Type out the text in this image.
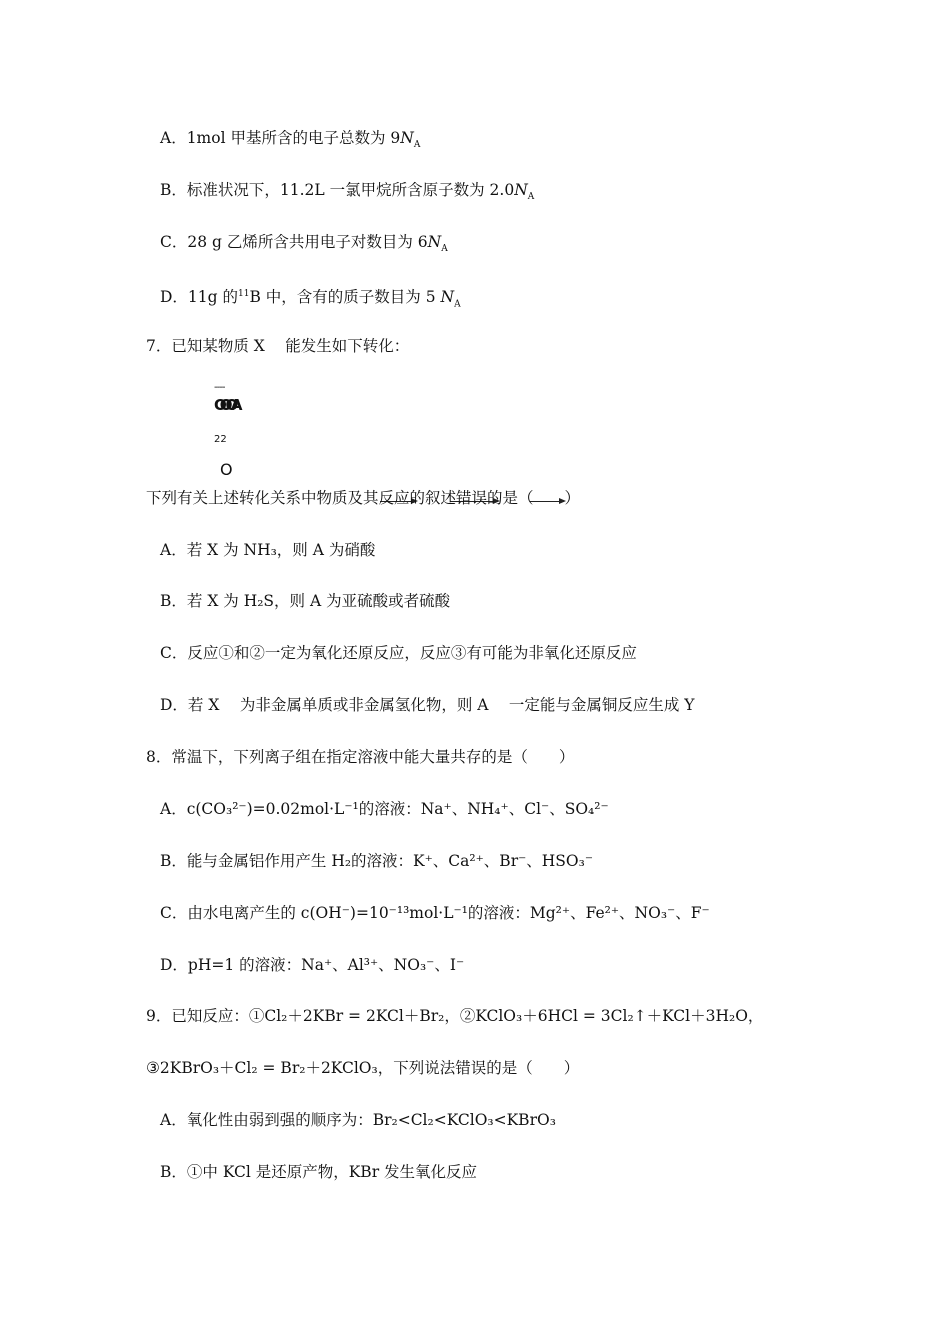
A．1mol 甲基所含的电子总数为 $9N_A$
B．标准状况下，11.2L 一氯甲烷所含原子数为 $2.0N_A$
C．28 g 乙烯所含共用电子对数目为 $6N_A$
D．11g 的$^{11}$B 中，含有的质子数目为 5 $N_A$
7．已知某物质 X　 能发生如下转化：
----
OOOA
22
O
下列有关上述转化关系中物质及其反应的叙述错误的是（　　）
A．若 X 为 NH₃，则 A 为硝酸
B．若 X 为 H₂S，则 A 为亚硫酸或者硫酸
C．反应①和②一定为氧化还原反应，反应③有可能为非氧化还原反应
D．若 X　 为非金属单质或非金属氢化物，则 A　 一定能与金属铜反应生成 Y
8．常温下，下列离子组在指定溶液中能大量共存的是（　　）
A．c(CO₃²⁻)=0.02mol·L⁻¹的溶液：Na⁺、NH₄⁺、Cl⁻、SO₄²⁻
B．能与金属铝作用产生 H₂的溶液：K⁺、Ca²⁺、Br⁻、HSO₃⁻
C．由水电离产生的 c(OH⁻)=10⁻¹³mol·L⁻¹的溶液：Mg²⁺、Fe²⁺、NO₃⁻、F⁻
D．pH=1 的溶液：Na⁺、Al³⁺、NO₃⁻、I⁻
9．已知反应：①Cl₂＋2KBr = 2KCl＋Br₂，②KClO₃＋6HCl = 3Cl₂↑＋KCl＋3H₂O，
③2KBrO₃＋Cl₂ = Br₂＋2KClO₃，下列说法错误的是（　　）
A．氧化性由弱到强的顺序为：Br₂<Cl₂<KClO₃<KBrO₃
B．①中 KCl 是还原产物，KBr 发生氧化反应
